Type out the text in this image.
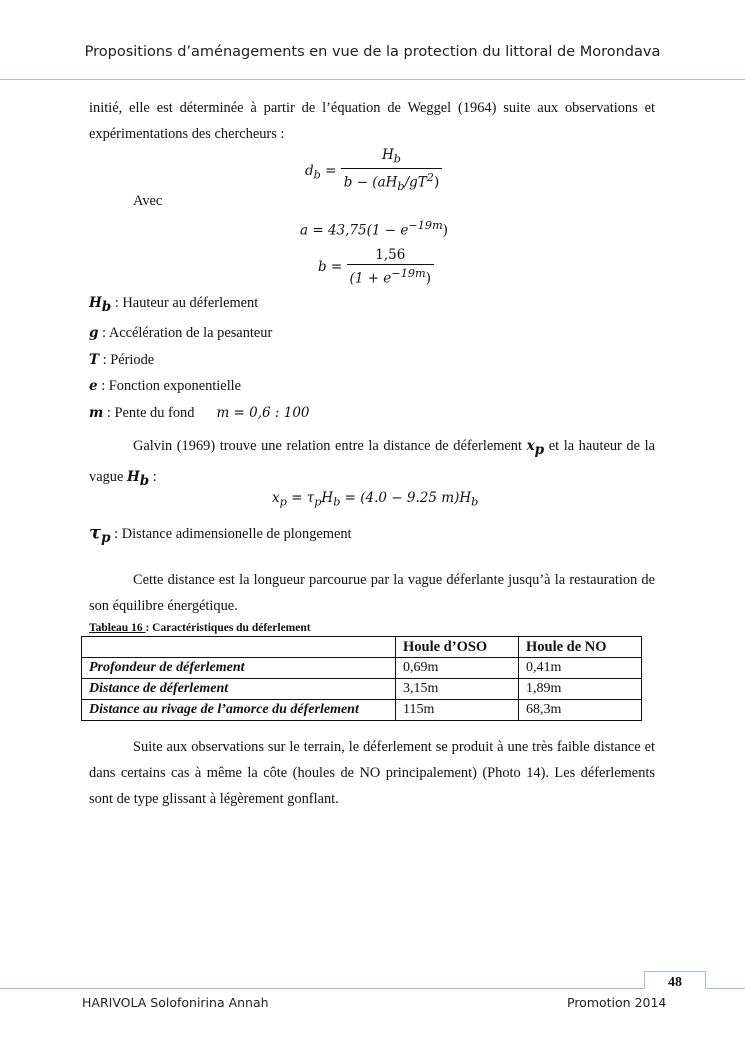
Propositions d’aménagements en vue de la protection du littoral de Morondava

initié, elle est déterminée à partir de l’équation de Weggel (1964) suite aux observations et expérimentations des chercheurs :

$d_b = \frac{H_b}{b - (aH_b/gT^2)}$
Avec
$a = 43,75(1 - e^{-19m})$
$b = \frac{1,56}{(1 + e^{-19m})}$
$H_b$ : Hauteur au déferlement
g : Accélération de la pesanteur
T : Période
e : Fonction exponentielle
m : Pente du fond m = 0,6 : 100
Galvin (1969) trouve une relation entre la distance de déferlement $x_p$ et la hauteur de la vague $H_b$ :
$x_p = \tau_pH_b = (4.0 - 9.25$ $m)H_b$
$\tau_p$ : Distance adimensionelle de plongement
Cette distance est la longueur parcourue par la vague déferlante jusqu’à la restauration de son équilibre énergétique.
Tableau 16 : Caractéristiques du déferlement
	Houle d’OSO	Houle de NO
Profondeur de déferlement	0,69m	0,41m
Distance de déferlement	3,15m	1,89m
Distance au rivage de l’amorce du déferlement	115m	68,3m
Suite aux observations sur le terrain, le déferlement se produit à une très faible distance et dans certains cas à même la côte (houles de NO principalement) (Photo 14). Les déferlements sont de type glissant à légèrement gonflant.
48
HARIVOLA Solofonirina Annah	Promotion 2014
